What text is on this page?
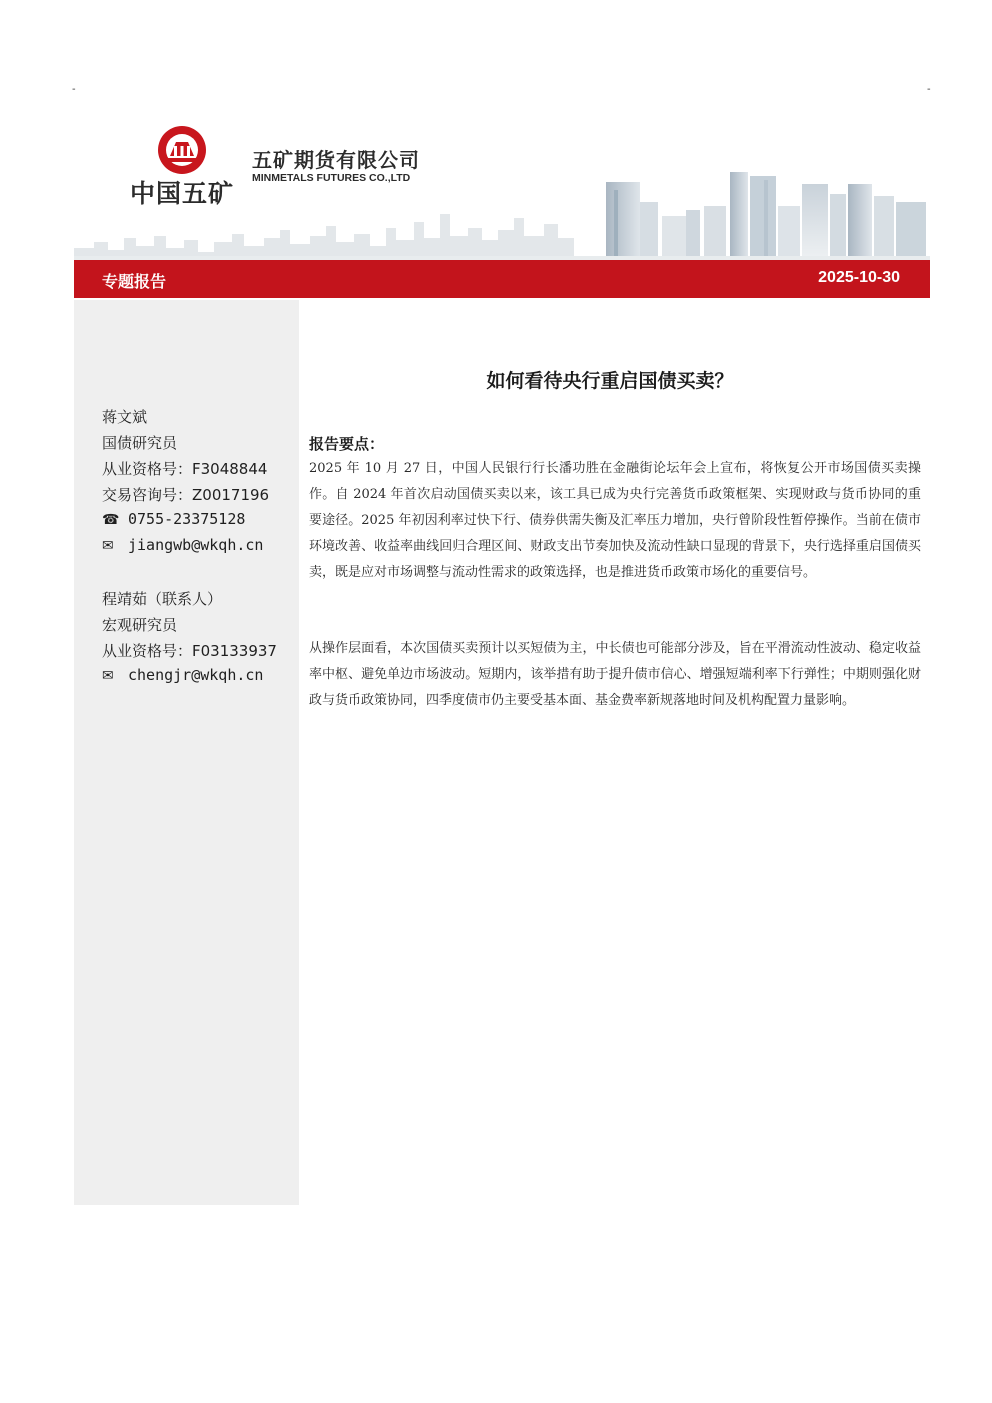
-	-
中国五矿
五矿期货有限公司
MINMETALS FUTURES CO.,LTD
专题报告	2025-10-30
蒋文斌
国债研究员
从业资格号：F3048844
交易咨询号：Z0017196
☎ 0755-23375128
✉ jiangwb@wkqh.cn
程靖茹（联系人）
宏观研究员
从业资格号：F03133937
✉ chengjr@wkqh.cn
如何看待央行重启国债买卖？
报告要点：

2025 年 10 月 27 日，中国人民银行行长潘功胜在金融街论坛年会上宣布，将恢复公开市场国债买卖操作。自 2024 年首次启动国债买卖以来，该工具已成为央行完善货币政策框架、实现财政与货币协同的重要途径。2025 年初因利率过快下行、债券供需失衡及汇率压力增加，央行曾阶段性暂停操作。当前在债市环境改善、收益率曲线回归合理区间、财政支出节奏加快及流动性缺口显现的背景下，央行选择重启国债买卖，既是应对市场调整与流动性需求的政策选择，也是推进货币政策市场化的重要信号。

从操作层面看，本次国债买卖预计以买短债为主，中长债也可能部分涉及，旨在平滑流动性波动、稳定收益率中枢、避免单边市场波动。短期内，该举措有助于提升债市信心、增强短端利率下行弹性；中期则强化财政与货币政策协同，四季度债市仍主要受基本面、基金费率新规落地时间及机构配置力量影响。
